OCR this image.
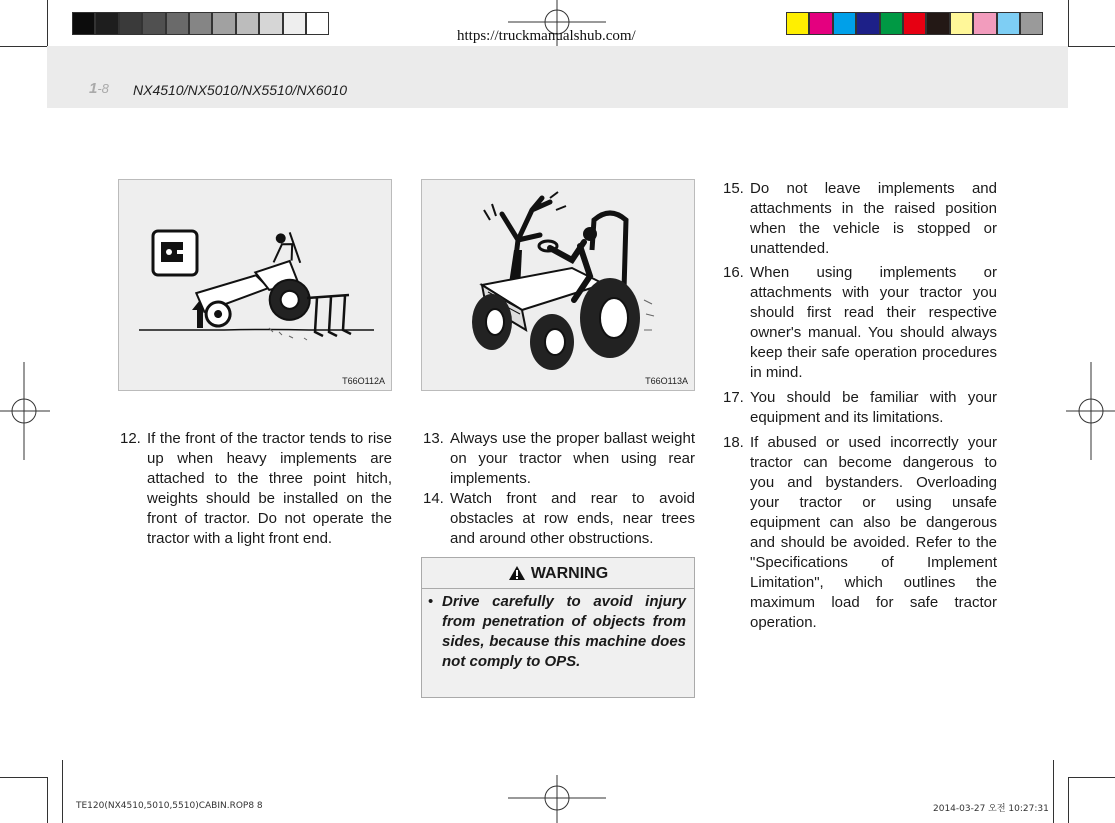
1-8 NX4510/NX5010/NX5510/NX6010
https://truckmanualshub.com/
T66O112A	T66O113A
12. If the front of the tractor tends to rise up when heavy implements are attached to the three point hitch, weights should be installed on the front of tractor. Do not operate the tractor with a light front end.
13. Always use the proper ballast weight on your tractor when using rear implements.
14. Watch front and rear to avoid obstacles at row ends, near trees and around other obstructions.
WARNING
• Drive carefully to avoid injury from penetration of objects from sides, because this machine does not comply to OPS.
15. Do not leave implements and attachments in the raised position when the vehicle is stopped or unattended.
16. When using implements or attachments with your tractor you should first read their respective owner's manual. You should always keep their safe operation procedures in mind.
17. You should be familiar with your equipment and its limitations.
18. If abused or used incorrectly your tractor can become dangerous to you and bystanders. Overloading your tractor or using unsafe equipment can also be dangerous and should be avoided. Refer to the "Specifications of Implement Limitation", which outlines the maximum load for safe tractor operation.
TE120(NX4510,5010,5510)CABIN.ROP8 8	2014-03-27 오전 10:27:31
